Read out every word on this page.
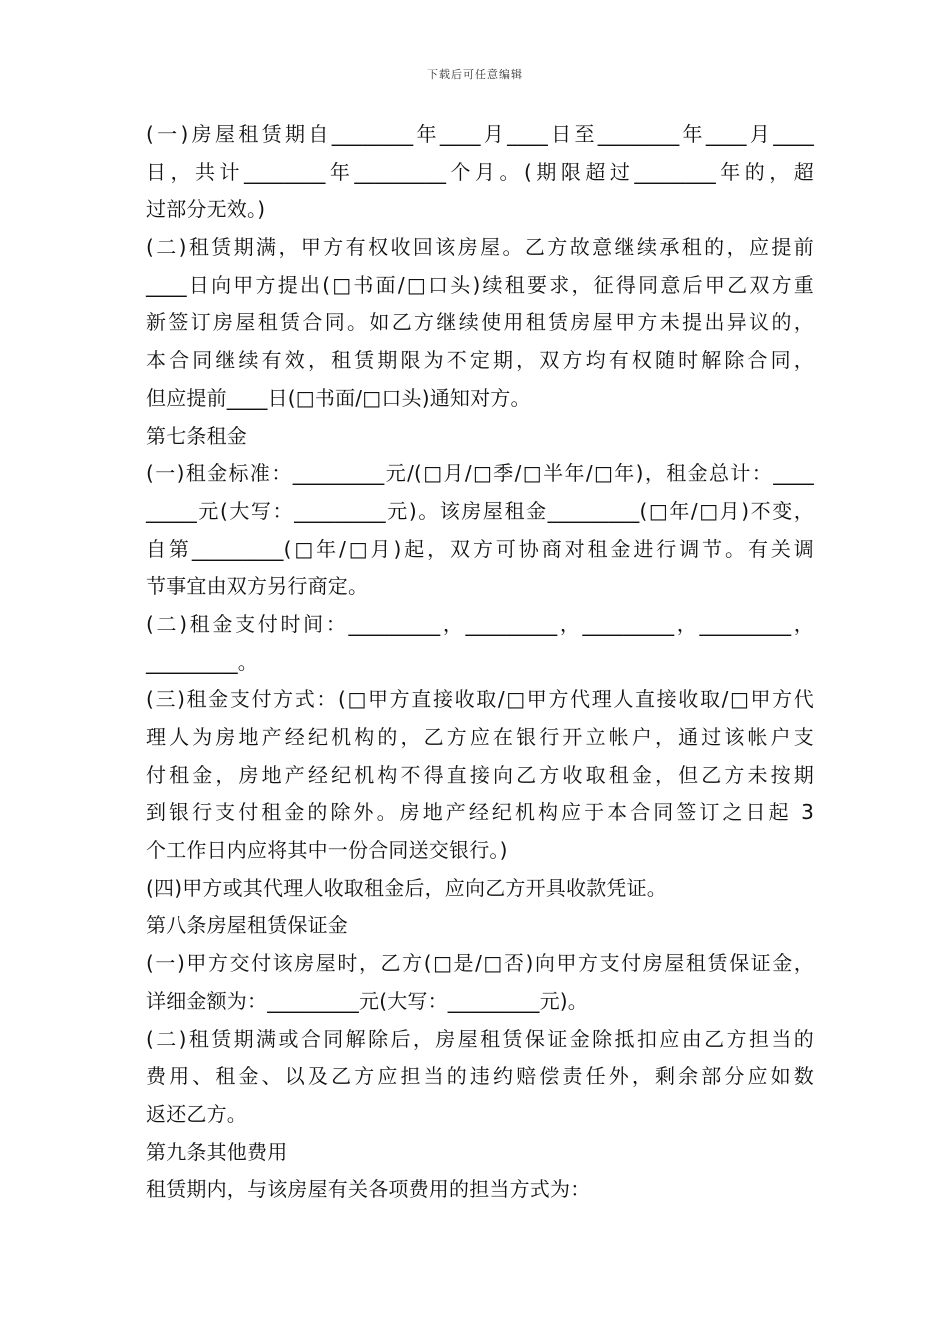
下载后可任意编辑
(一)房屋租赁期自________年____月____日至________年____月____
日，共计________年_________个月。(期限超过________年的，超
过部分无效。)
(二)租赁期满，甲方有权收回该房屋。乙方故意继续承租的，应提前
____日向甲方提出(□书面/□口头)续租要求，征得同意后甲乙双方重
新签订房屋租赁合同。如乙方继续使用租赁房屋甲方未提出异议的，
本合同继续有效，租赁期限为不定期，双方均有权随时解除合同，
但应提前____日(□书面/□口头)通知对方。
第七条租金
(一)租金标准：_________元/(□月/□季/□半年/□年)，租金总计：____
_____元(大写：_________元)。该房屋租金_________(□年/□月)不变，
自第_________(□年/□月)起，双方可协商对租金进行调节。有关调
节事宜由双方另行商定。
(二)租金支付时间：_________，_________，_________，_________，
_________。
(三)租金支付方式：(□甲方直接收取/□甲方代理人直接收取/□甲方代
理人为房地产经纪机构的，乙方应在银行开立帐户，通过该帐户支
付租金，房地产经纪机构不得直接向乙方收取租金，但乙方未按期
到银行支付租金的除外。房地产经纪机构应于本合同签订之日起 3
个工作日内应将其中一份合同送交银行。)
(四)甲方或其代理人收取租金后，应向乙方开具收款凭证。
第八条房屋租赁保证金
(一)甲方交付该房屋时，乙方(□是/□否)向甲方支付房屋租赁保证金，
详细金额为：_________元(大写：_________元)。
(二)租赁期满或合同解除后，房屋租赁保证金除抵扣应由乙方担当的
费用、租金、以及乙方应担当的违约赔偿责任外，剩余部分应如数
返还乙方。
第九条其他费用
租赁期内，与该房屋有关各项费用的担当方式为：
